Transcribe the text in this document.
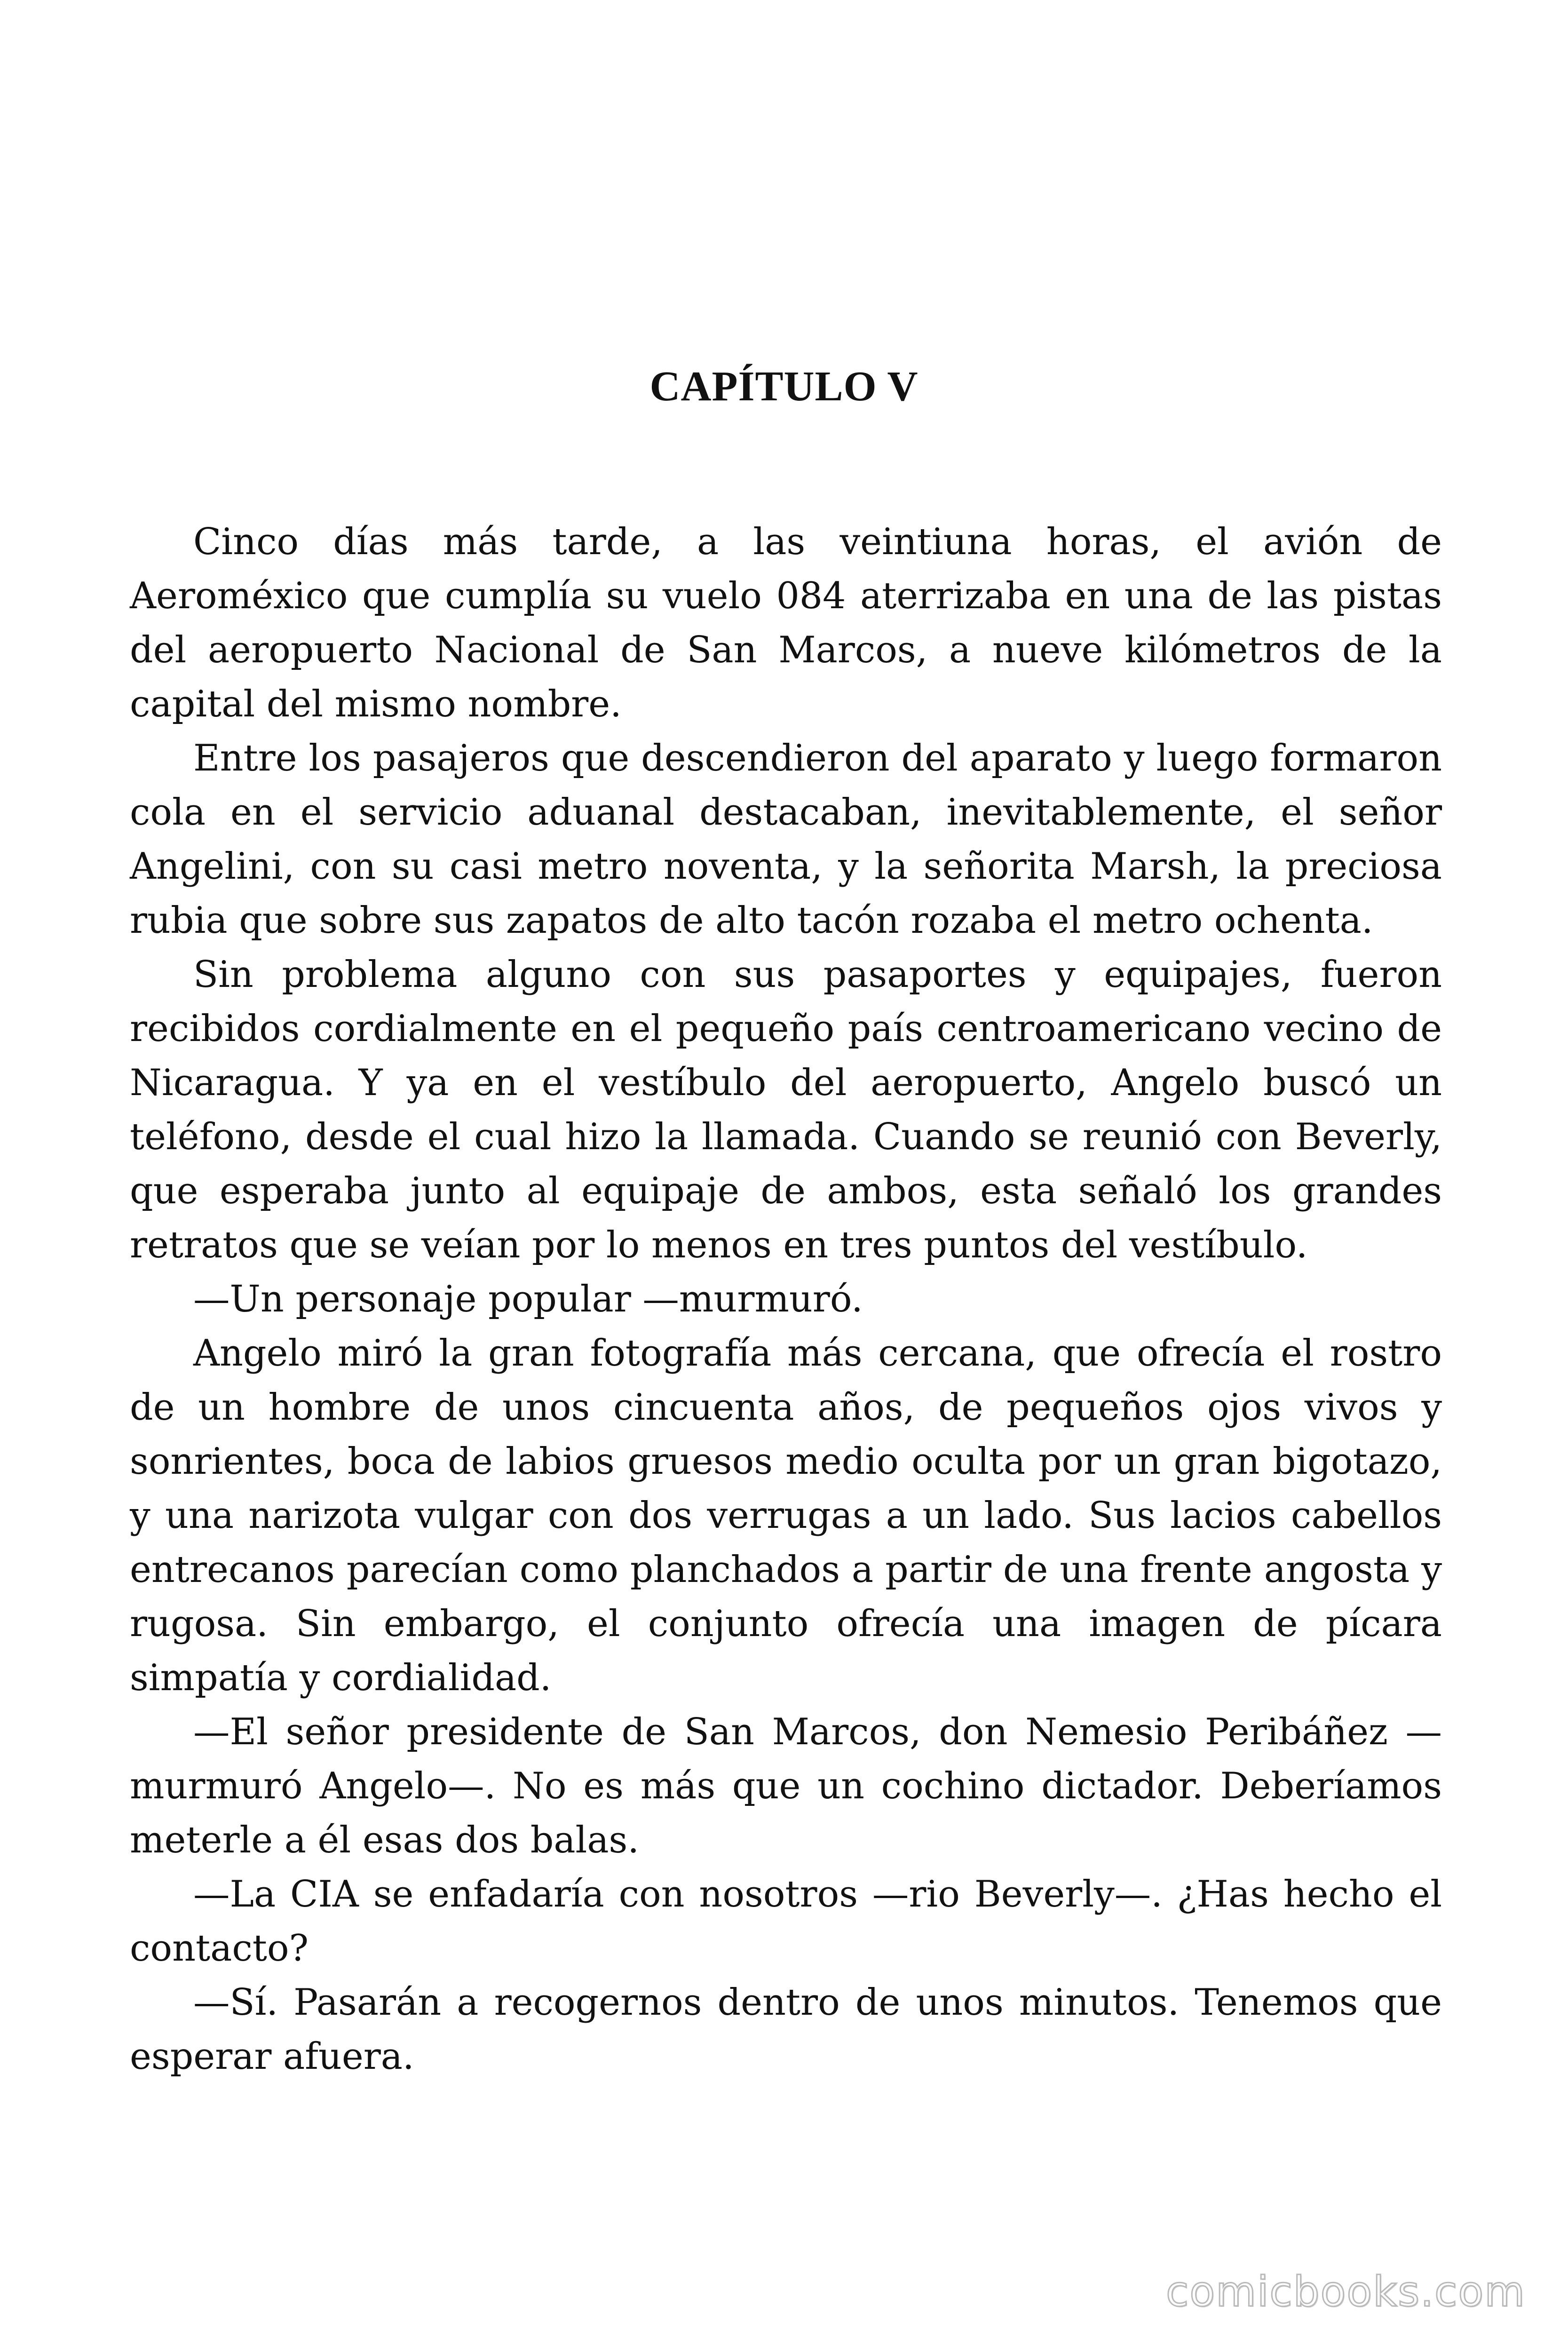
CAPÍTULO V

Cinco días más tarde, a las veintiuna horas, el avión de Aeroméxico que cumplía su vuelo 084 aterrizaba en una de las pistas del aeropuerto Nacional de San Marcos, a nueve kilómetros de la capital del mismo nombre.

Entre los pasajeros que descendieron del aparato y luego formaron cola en el servicio aduanal destacaban, inevitablemente, el señor Angelini, con su casi metro noventa, y la señorita Marsh, la preciosa rubia que sobre sus zapatos de alto tacón rozaba el metro ochenta.

Sin problema alguno con sus pasaportes y equipajes, fueron recibidos cordialmente en el pequeño país centroamericano vecino de Nicaragua. Y ya en el vestíbulo del aeropuerto, Angelo buscó un teléfono, desde el cual hizo la llamada. Cuando se reunió con Beverly, que esperaba junto al equipaje de ambos, esta señaló los grandes retratos que se veían por lo menos en tres puntos del vestíbulo.

—Un personaje popular —murmuró.

Angelo miró la gran fotografía más cercana, que ofrecía el rostro de un hombre de unos cincuenta años, de pequeños ojos vivos y sonrientes, boca de labios gruesos medio oculta por un gran bigotazo, y una narizota vulgar con dos verrugas a un lado. Sus lacios cabellos entrecanos parecían como planchados a partir de una frente angosta y rugosa. Sin embargo, el conjunto ofrecía una imagen de pícara simpatía y cordialidad.

—El señor presidente de San Marcos, don Nemesio Peribáñez —murmuró Angelo—. No es más que un cochino dictador. Deberíamos meterle a él esas dos balas.

—La CIA se enfadaría con nosotros —rio Beverly—. ¿Has hecho el contacto?

—Sí. Pasarán a recogernos dentro de unos minutos. Tenemos que esperar afuera.

comicbooks.com
